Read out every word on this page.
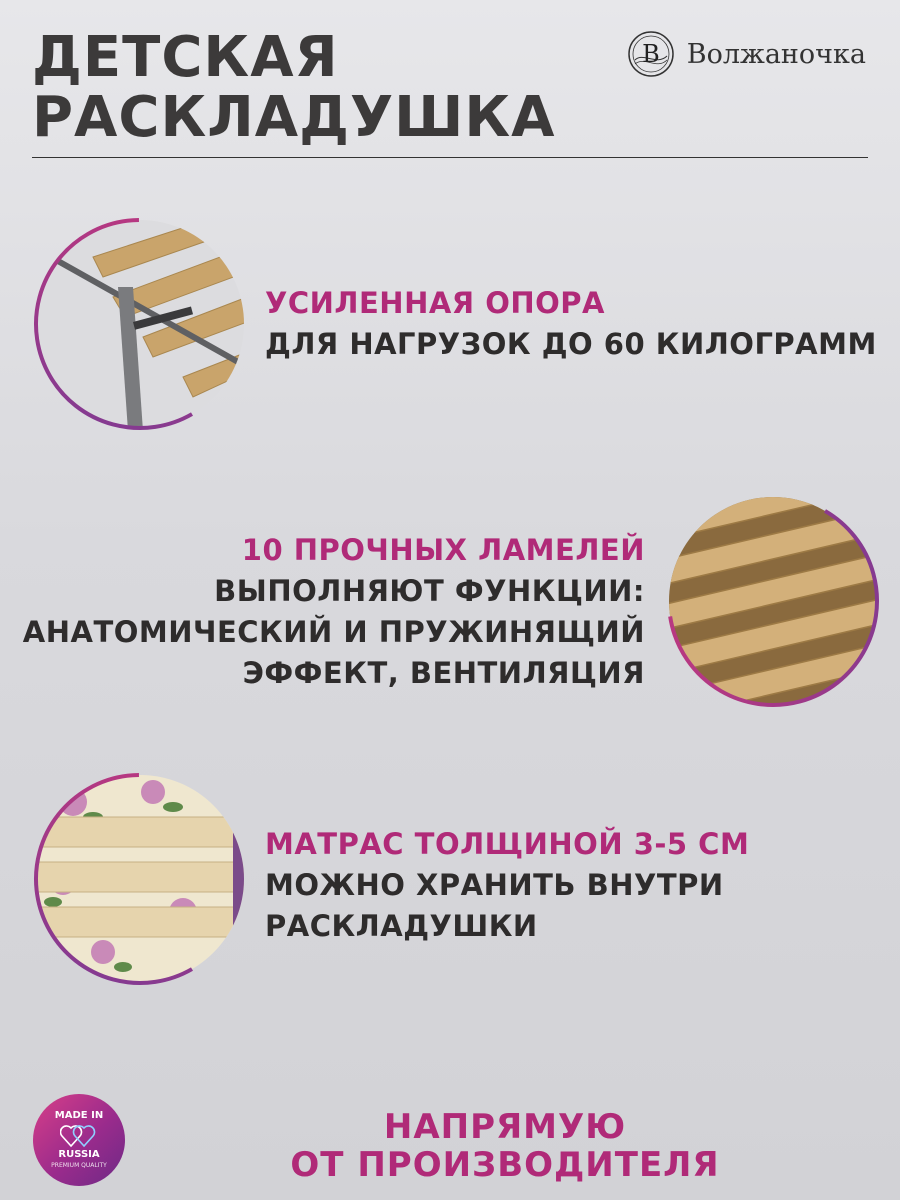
ДЕТСКАЯ
РАСКЛАДУШКА
В Волжаночка
УСИЛЕННАЯ ОПОРА
ДЛЯ НАГРУЗОК ДО 60 КИЛОГРАММ
10 ПРОЧНЫХ ЛАМЕЛЕЙ
ВЫПОЛНЯЮТ ФУНКЦИИ:
АНАТОМИЧЕСКИЙ И ПРУЖИНЯЩИЙ
ЭФФЕКТ, ВЕНТИЛЯЦИЯ
МАТРАС ТОЛЩИНОЙ 3-5 СМ
МОЖНО ХРАНИТЬ ВНУТРИ
РАСКЛАДУШКИ
MADE IN
RUSSIA
PREMIUM QUALITY
НАПРЯМУЮ
ОТ ПРОИЗВОДИТЕЛЯ
